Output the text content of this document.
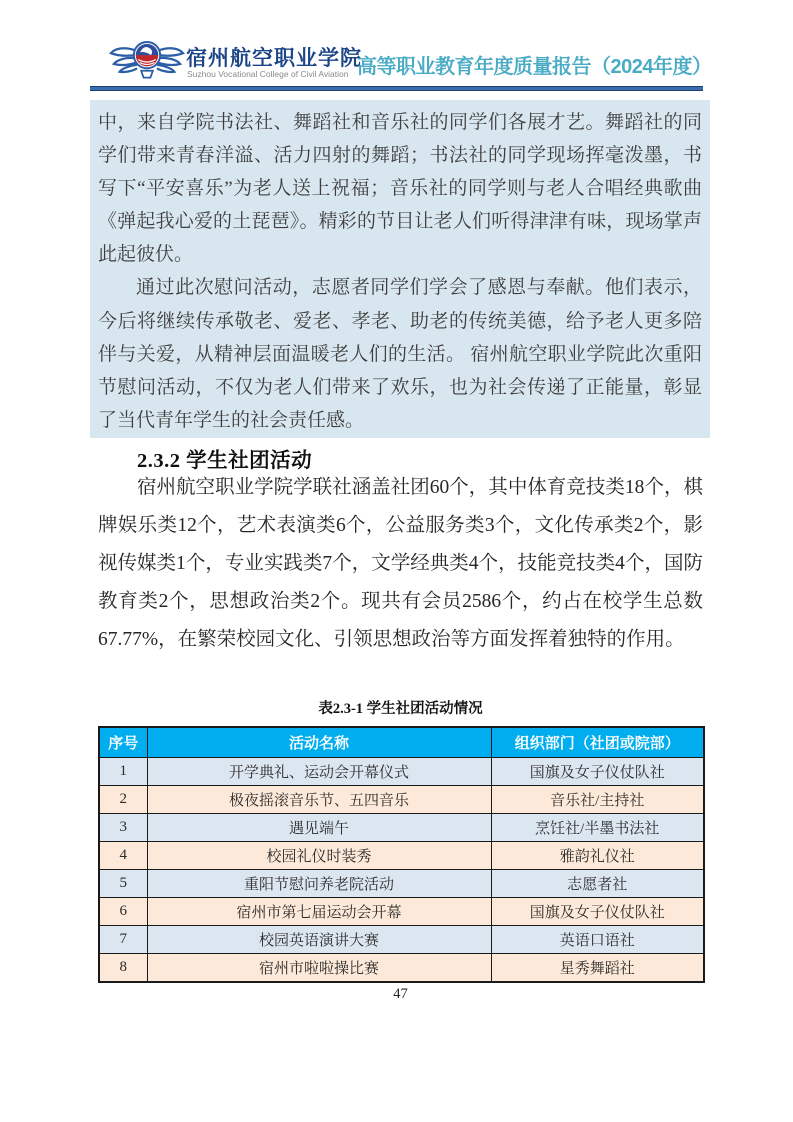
宿州航空职业学院
Suzhou Vocational College of Civil Aviation 高等职业教育年度质量报告（2024年度）

中，来自学院书法社、舞蹈社和音乐社的同学们各展才艺。舞蹈社的同学们带来青春洋溢、活力四射的舞蹈；书法社的同学现场挥毫泼墨，书写下“平安喜乐”为老人送上祝福；音乐社的同学则与老人合唱经典歌曲《弹起我心爱的土琵琶》。精彩的节目让老人们听得津津有味，现场掌声此起彼伏。

通过此次慰问活动，志愿者同学们学会了感恩与奉献。他们表示，今后将继续传承敬老、爱老、孝老、助老的传统美德，给予老人更多陪伴与关爱，从精神层面温暖老人们的生活。 宿州航空职业学院此次重阳节慰问活动，不仅为老人们带来了欢乐，也为社会传递了正能量，彰显了当代青年学生的社会责任感。

2.3.2 学生社团活动

宿州航空职业学院学联社涵盖社团60个，其中体育竞技类18个，棋牌娱乐类12个，艺术表演类6个，公益服务类3个，文化传承类2个，影视传媒类1个，专业实践类7个，文学经典类4个，技能竞技类4个，国防教育类2个，思想政治类2个。现共有会员2586个，约占在校学生总数67.77%，在繁荣校园文化、引领思想政治等方面发挥着独特的作用。

表2.3-1 学生社团活动情况
序号	活动名称	组织部门（社团或院部）
1	开学典礼、运动会开幕仪式	国旗及女子仪仗队社
2	极夜摇滚音乐节、五四音乐	音乐社/主持社
3	遇见端午	烹饪社/半墨书法社
4	校园礼仪时装秀	雅韵礼仪社
5	重阳节慰问养老院活动	志愿者社
6	宿州市第七届运动会开幕	国旗及女子仪仗队社
7	校园英语演讲大赛	英语口语社
8	宿州市啦啦操比赛	星秀舞蹈社
47
